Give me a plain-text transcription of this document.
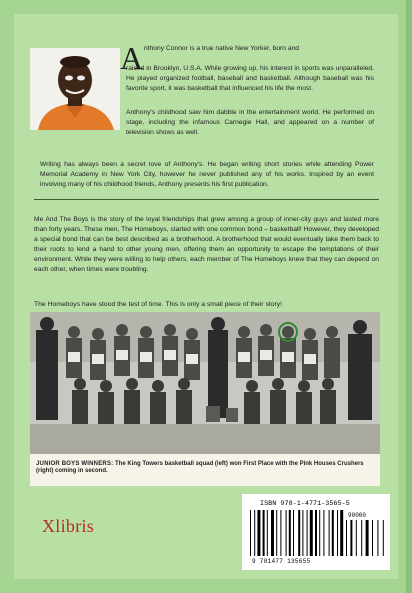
A nthony Connor is a true native New Yorker, born and

raised in Brooklyn, U.S.A. While growing up, his interest in sports was unparalleled. He played organized football, baseball and basketball. Although baseball was his favorite sport, it was basketball that influenced his life the most.

Anthony's childhood saw him dabble in the entertainment world. He performed on stage, including the infamous Carnegie Hall, and appeared on a number of television shows as well.

Writing has always been a secret love of Anthony's. He began writing short stories while attending Power Memorial Academy in New York City, however he never published any of his works. Inspired by an event involving many of his childhood friends, Anthony presents his first publication.

Me And The Boys is the story of the loyal friendships that grew among a group of inner-city guys and lasted more than forty years. These men, The Homeboys, started with one common bond – basketball! However, they developed a special bond that can be best described as a brotherhood. A brotherhood that would eventually take them back to their roots to lend a hand to other young men, offering them an opportunity to escape the temptations of their environment. While they were willing to help others, each member of The Homeboys knew that they can depend on each other, when times were troubling.

The Homeboys have stood the test of time. This is only a small piece of their story!

JUNIOR BOYS WINNERS: The King Towers basketball squad (left) won First Place with the Pink Houses Crushers (right) coming in second.

Xlibris
ISBN 978-1-4771-3565-5
90000
9 781477 135655
